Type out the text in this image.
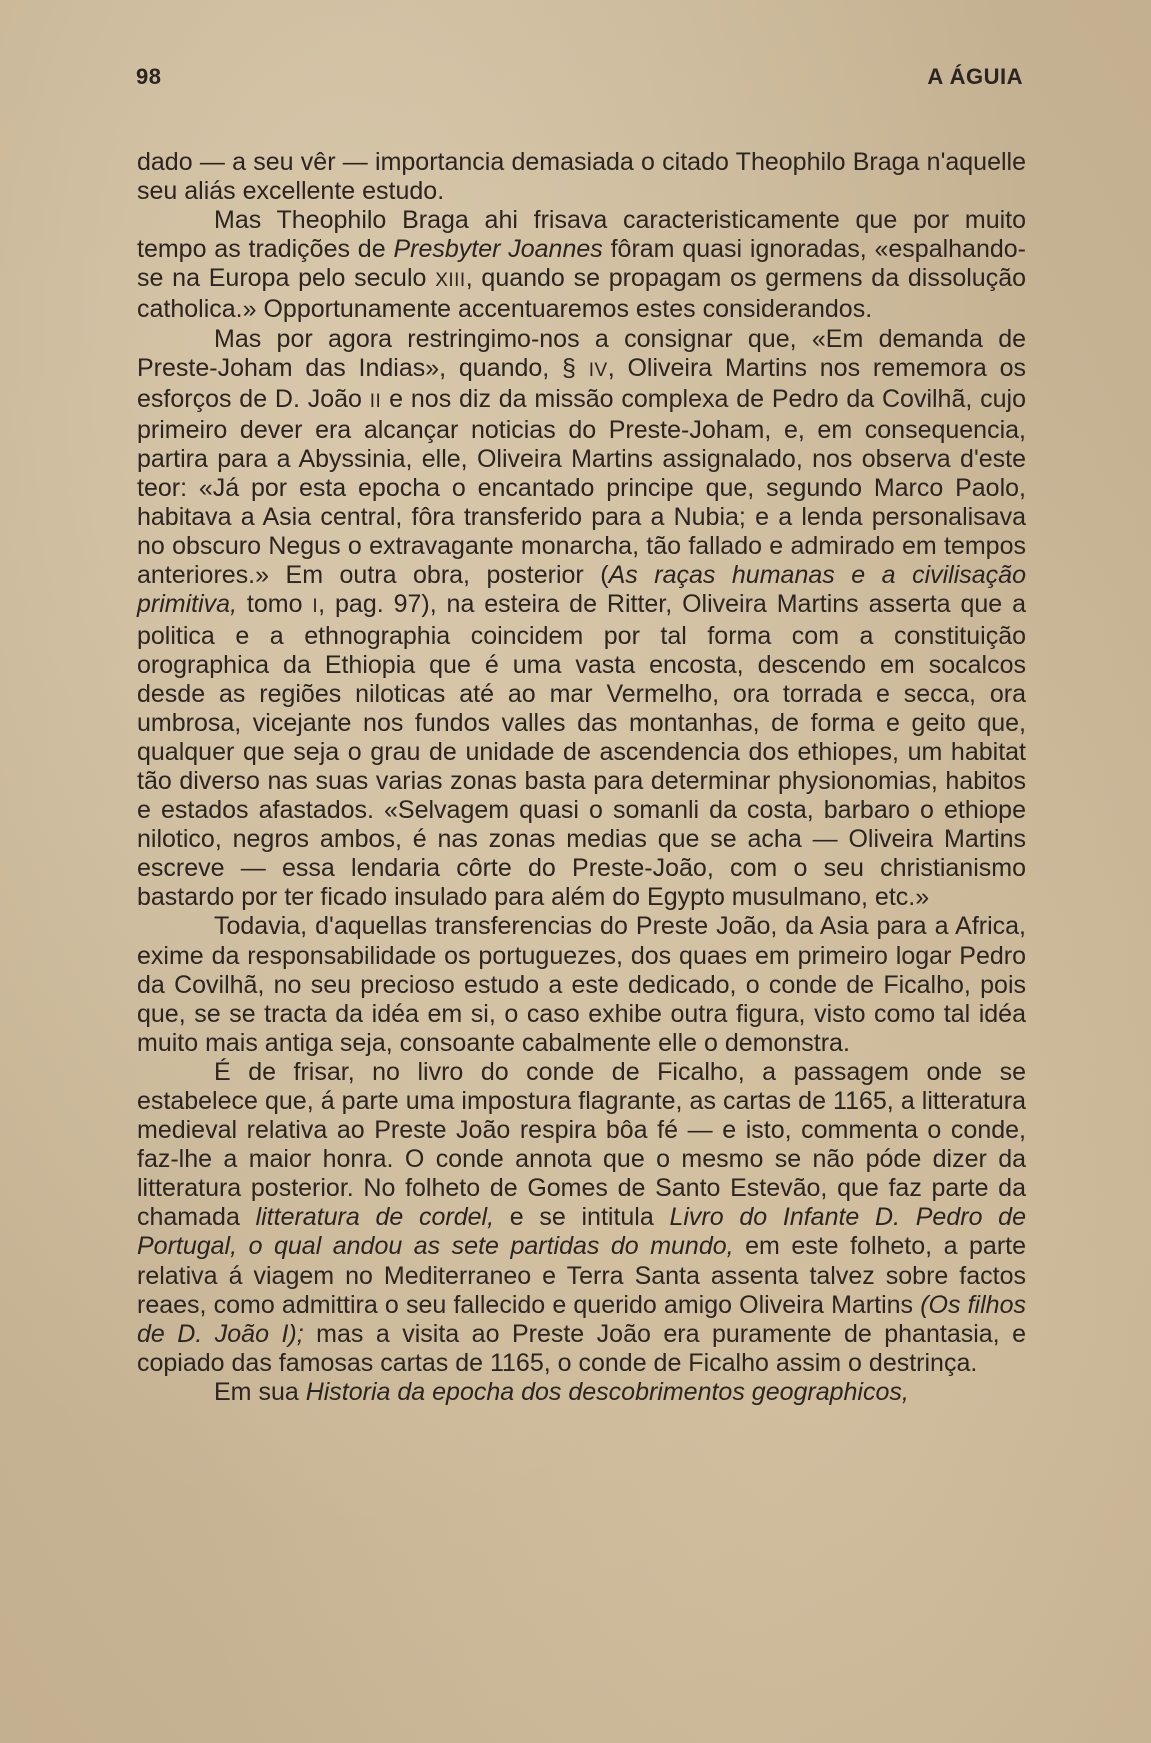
98	A ÁGUIA

dado — a seu vêr — importancia demasiada o citado Theophilo Braga n'aquelle seu aliás excellente estudo.

Mas Theophilo Braga ahi frisava caracteristicamente que por muito tempo as tradições de Presbyter Joannes fôram quasi ignoradas, «espalhando-se na Europa pelo seculo XIII, quando se propagam os germens da dissolução catholica.» Opportunamente accentuaremos estes considerandos.

Mas por agora restringimo-nos a consignar que, «Em demanda de Preste-Joham das Indias», quando, § IV, Oliveira Martins nos rememora os esforços de D. João II e nos diz da missão complexa de Pedro da Covilhã, cujo primeiro dever era alcançar noticias do Preste-Joham, e, em consequencia, partira para a Abyssinia, elle, Oliveira Martins assignalado, nos observa d'este teor: «Já por esta epocha o encantado principe que, segundo Marco Paolo, habitava a Asia central, fôra transferido para a Nubia; e a lenda personalisava no obscuro Negus o extravagante monarcha, tão fallado e admirado em tempos anteriores.» Em outra obra, posterior (As raças humanas e a civilisação primitiva, tomo I, pag. 97), na esteira de Ritter, Oliveira Martins asserta que a politica e a ethnographia coincidem por tal forma com a constituição orographica da Ethiopia que é uma vasta encosta, descendo em socalcos desde as regiões niloticas até ao mar Vermelho, ora torrada e secca, ora umbrosa, vicejante nos fundos valles das montanhas, de forma e geito que, qualquer que seja o grau de unidade de ascendencia dos ethiopes, um habitat tão diverso nas suas varias zonas basta para determinar physionomias, habitos e estados afastados. «Selvagem quasi o somanli da costa, barbaro o ethiope nilotico, negros ambos, é nas zonas medias que se acha — Oliveira Martins escreve — essa lendaria côrte do Preste-João, com o seu christianismo bastardo por ter ficado insulado para além do Egypto musulmano, etc.»

Todavia, d'aquellas transferencias do Preste João, da Asia para a Africa, exime da responsabilidade os portuguezes, dos quaes em primeiro logar Pedro da Covilhã, no seu precioso estudo a este dedicado, o conde de Ficalho, pois que, se se tracta da idéa em si, o caso exhibe outra figura, visto como tal idéa muito mais antiga seja, consoante cabalmente elle o demonstra.

É de frisar, no livro do conde de Ficalho, a passagem onde se estabelece que, á parte uma impostura flagrante, as cartas de 1165, a litteratura medieval relativa ao Preste João respira bôa fé — e isto, commenta o conde, faz-lhe a maior honra. O conde annota que o mesmo se não póde dizer da litteratura posterior. No folheto de Gomes de Santo Estevão, que faz parte da chamada litteratura de cordel, e se intitula Livro do Infante D. Pedro de Portugal, o qual andou as sete partidas do mundo, em este folheto, a parte relativa á viagem no Mediterraneo e Terra Santa assenta talvez sobre factos reaes, como admittira o seu fallecido e querido amigo Oliveira Martins (Os filhos de D. João I); mas a visita ao Preste João era puramente de phantasia, e copiado das famosas cartas de 1165, o conde de Ficalho assim o destrinça.

Em sua Historia da epocha dos descobrimentos geographicos,
